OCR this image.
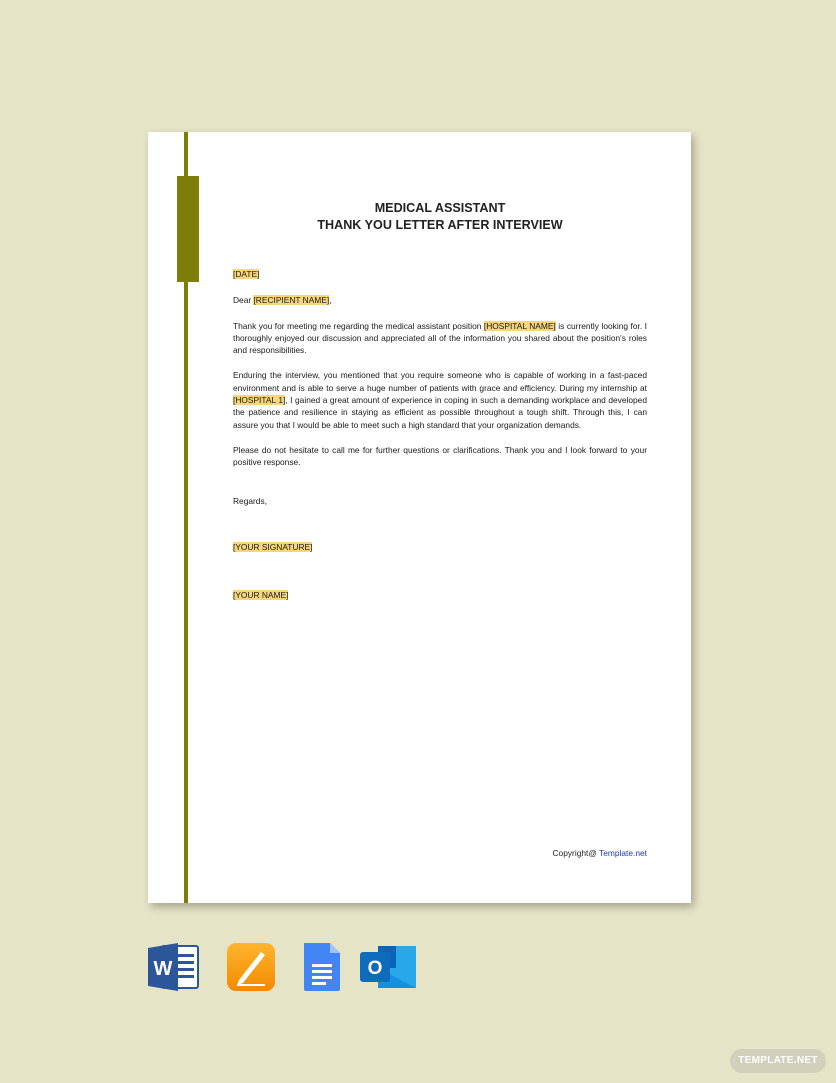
MEDICAL ASSISTANT
THANK YOU LETTER AFTER INTERVIEW
[DATE]
Dear [RECIPIENT NAME],

Thank you for meeting me regarding the medical assistant position [HOSPITAL NAME] is currently looking for. I thoroughly enjoyed our discussion and appreciated all of the information you shared about the position's roles and responsibilities.

Enduring the interview, you mentioned that you require someone who is capable of working in a fast-paced environment and is able to serve a huge number of patients with grace and efficiency. During my internship at [HOSPITAL 1], I gained a great amount of experience in coping in such a demanding workplace and developed the patience and resilience in staying as efficient as possible throughout a tough shift. Through this, I can assure you that I would be able to meet such a high standard that your organization demands.

Please do not hesitate to call me for further questions or clarifications. Thank you and I look forward to your positive response.

Regards,
[YOUR SIGNATURE]
[YOUR NAME]
Copyright@ Template.net
W	O
TEMPLATE.NET
